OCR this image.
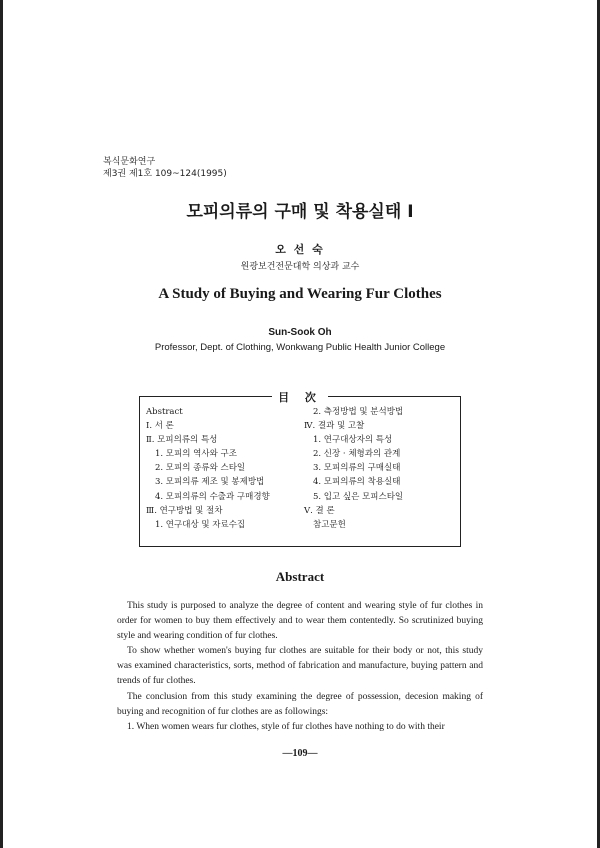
복식문화연구
제3권 제1호 109~124(1995)
모피의류의 구매 및 착용실태 I
오 선 숙
원광보건전문대학 의상과 교수
A Study of Buying and Wearing Fur Clothes
Sun-Sook Oh
Professor, Dept. of Clothing, Wonkwang Public Health Junior College
目 次
Abstract
Ⅰ. 서 론
Ⅱ. 모피의류의 특성
1. 모피의 역사와 구조
2. 모피의 종류와 스타일
3. 모피의류 제조 및 봉제방법
4. 모피의류의 수출과 구매경향
Ⅲ. 연구방법 및 절차
1. 연구대상 및 자료수집
2. 측정방법 및 분석방법
Ⅳ. 결과 및 고찰
1. 연구대상자의 특성
2. 신장 · 체형과의 관계
3. 모피의류의 구매실태
4. 모피의류의 착용실태
5. 입고 싶은 모피스타일
Ⅴ. 결 론
참고문헌
Abstract

This study is purposed to analyze the degree of content and wearing style of fur clothes in order for women to buy them effectively and to wear them contentedly. So scrutinized buying style and wearing condition of fur clothes.

To show whether women's buying fur clothes are suitable for their body or not, this study was examined characteristics, sorts, method of fabrication and manufacture, buying pattern and trends of fur clothes.

The conclusion from this study examining the degree of possession, decesion making of buying and recognition of fur clothes are as followings:

1. When women wears fur clothes, style of fur clothes have nothing to do with their

—109—
